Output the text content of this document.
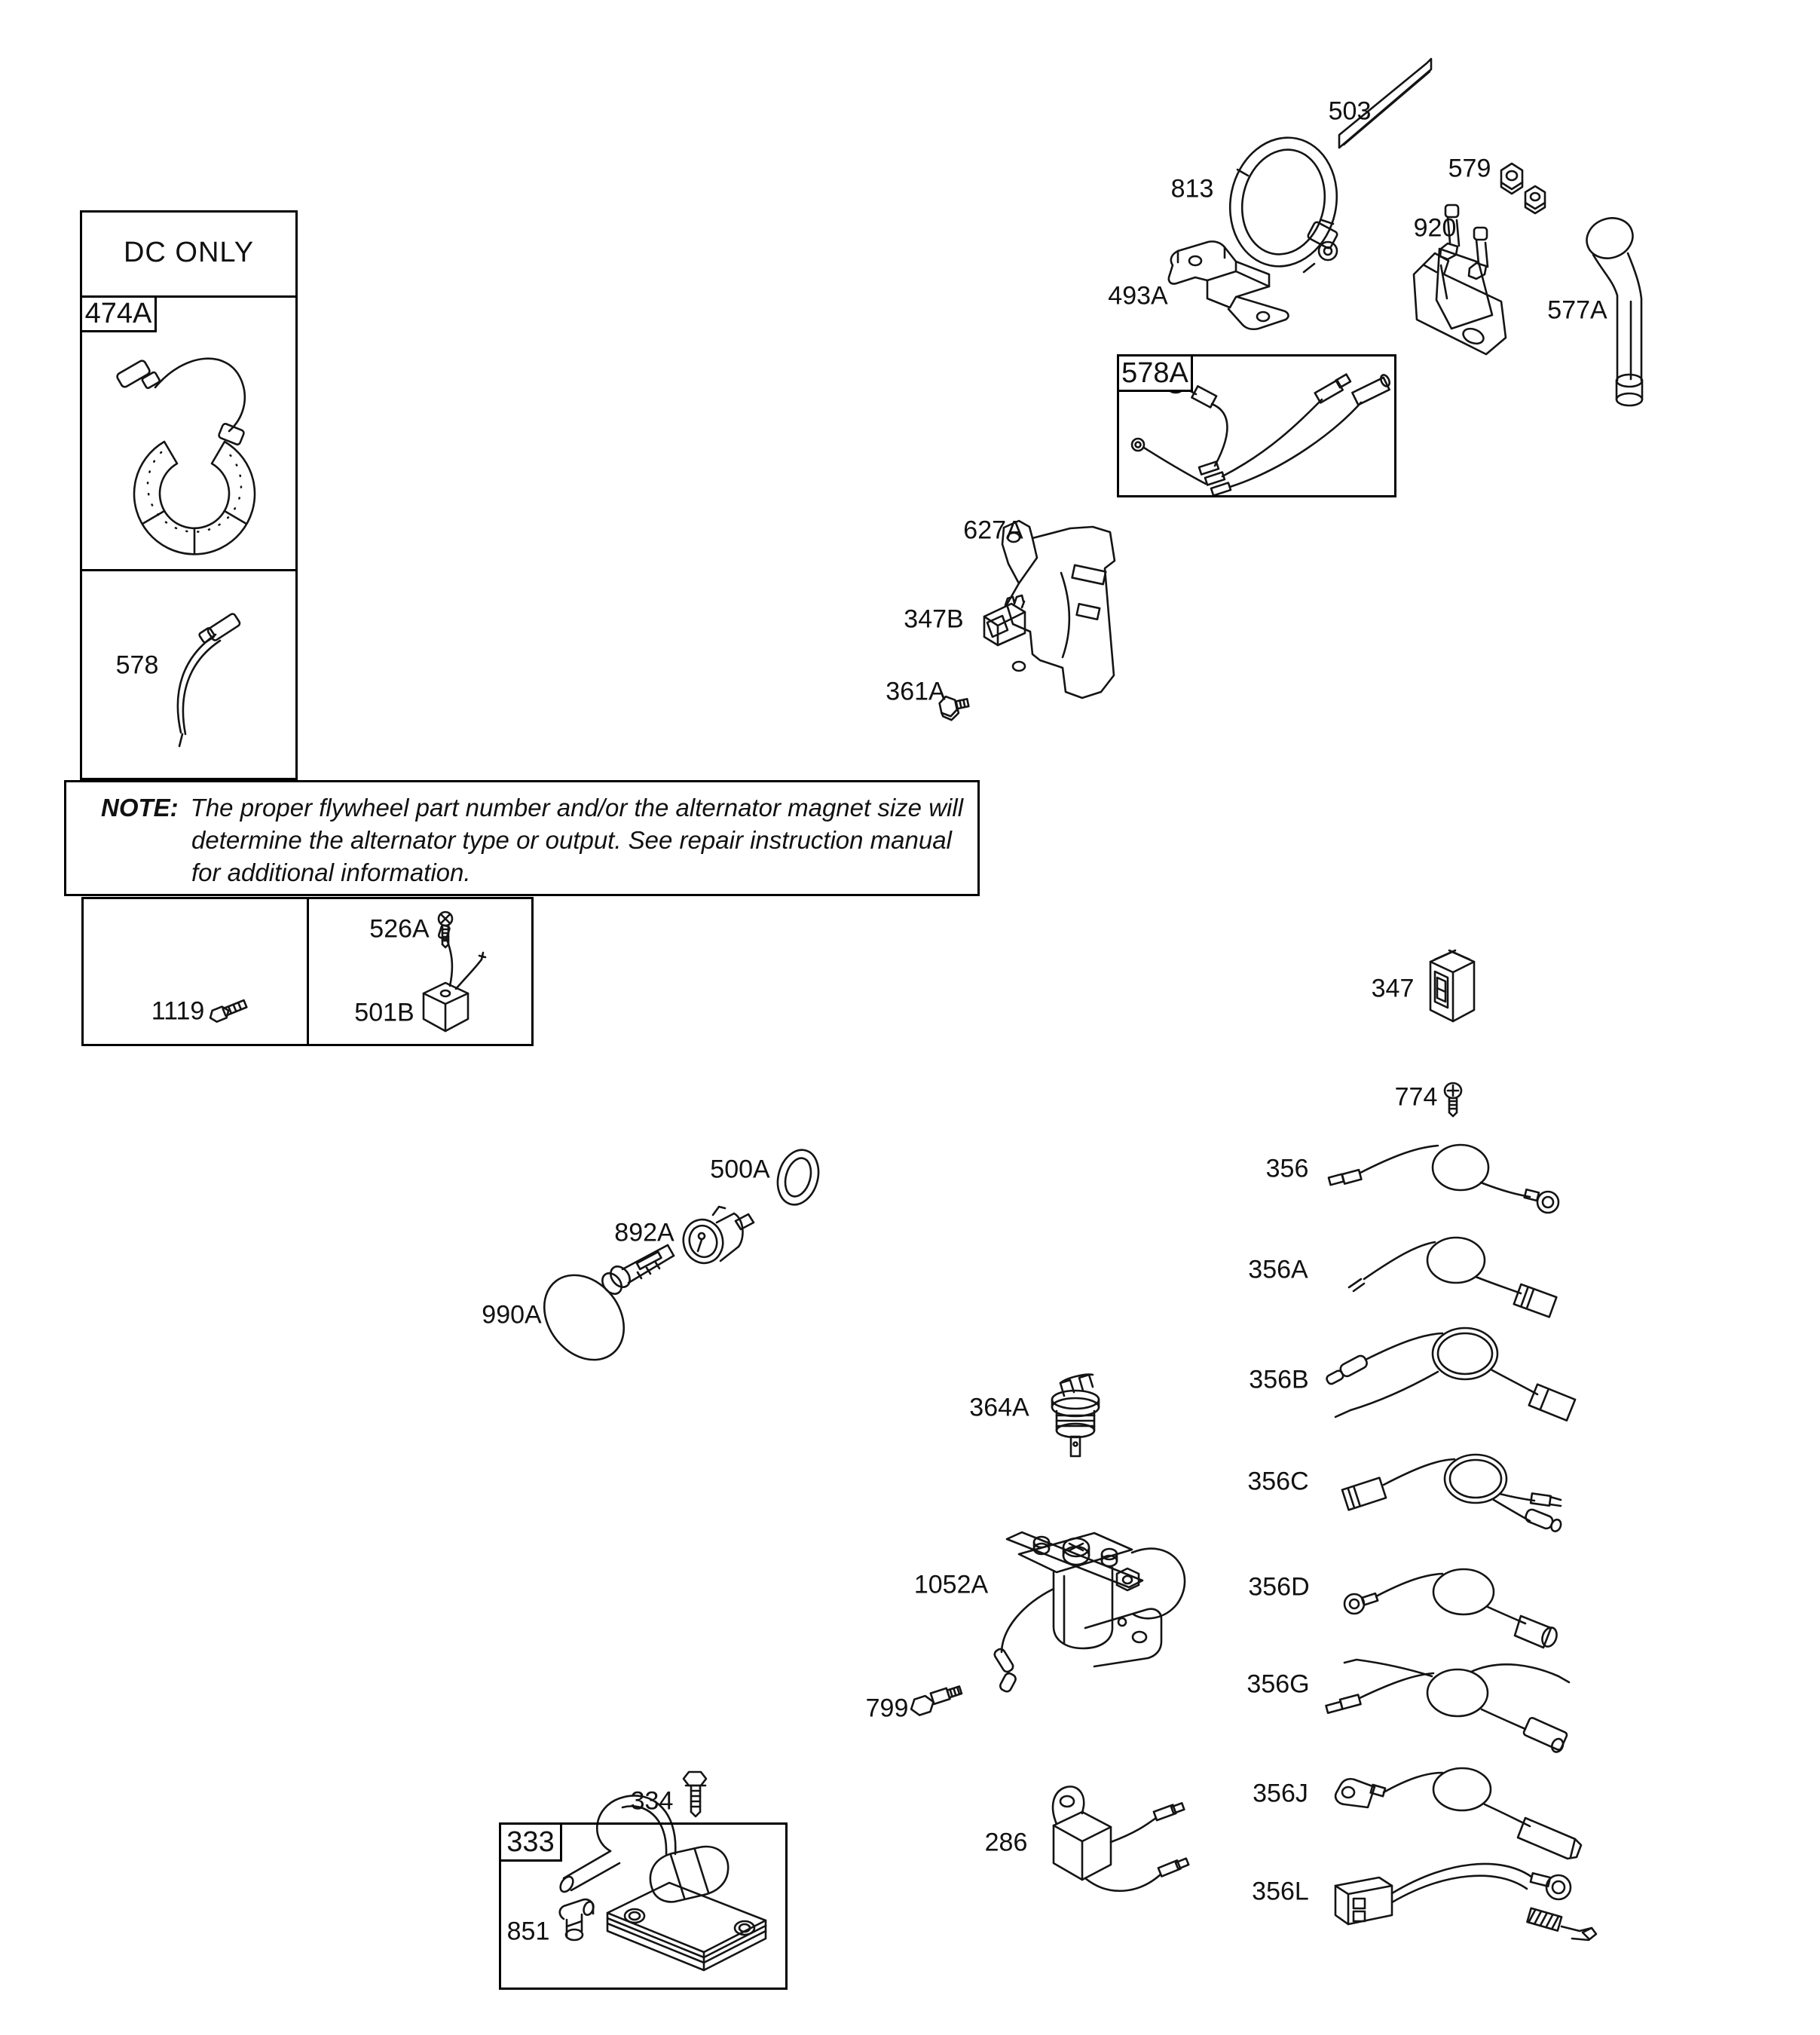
DC ONLY
474A
NOTE: The proper flywheel part number and/or the alternator magnet size will
determine the alternator type or output. See repair instruction manual
for additional information.
578A
333
503
813
579
920
493A	577A
627A
347B
361A
578
1119
526A
501B
347
774
356
356A
356B
356C
356D
356G
356J
356L
500A
892A
990A
364A
1052A
799
286
334
851
